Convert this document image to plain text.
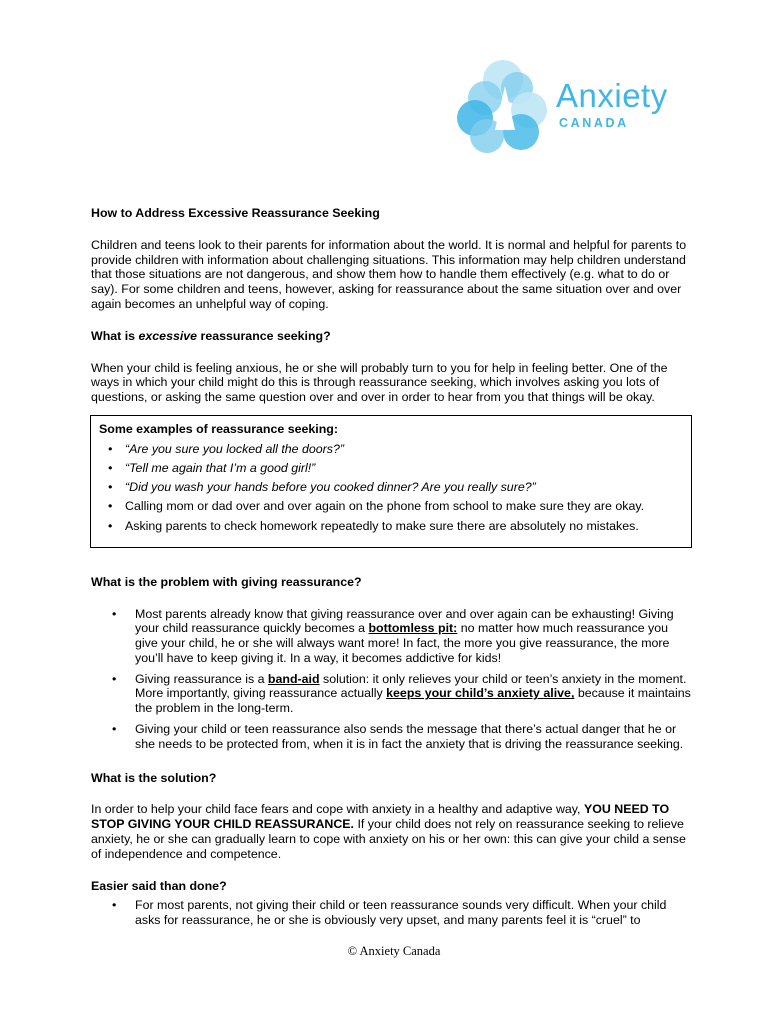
Anxiety
CANADA

How to Address Excessive Reassurance Seeking

Children and teens look to their parents for information about the world. It is normal and helpful for parents to provide children with information about challenging situations. This information may help children understand that those situations are not dangerous, and show them how to handle them effectively (e.g. what to do or say). For some children and teens, however, asking for reassurance about the same situation over and over again becomes an unhelpful way of coping.

What is excessive reassurance seeking?

When your child is feeling anxious, he or she will probably turn to you for help in feeling better. One of the ways in which your child might do this is through reassurance seeking, which involves asking you lots of questions, or asking the same question over and over in order to hear from you that things will be okay.

Some examples of reassurance seeking:
• “Are you sure you locked all the doors?”
• “Tell me again that I’m a good girl!”
• “Did you wash your hands before you cooked dinner? Are you really sure?”
• Calling mom or dad over and over again on the phone from school to make sure they are okay.
• Asking parents to check homework repeatedly to make sure there are absolutely no mistakes.

What is the problem with giving reassurance?

• Most parents already know that giving reassurance over and over again can be exhausting! Giving your child reassurance quickly becomes a bottomless pit: no matter how much reassurance you give your child, he or she will always want more! In fact, the more you give reassurance, the more you’ll have to keep giving it. In a way, it becomes addictive for kids!
• Giving reassurance is a band-aid solution: it only relieves your child or teen’s anxiety in the moment. More importantly, giving reassurance actually keeps your child’s anxiety alive, because it maintains the problem in the long-term.
• Giving your child or teen reassurance also sends the message that there’s actual danger that he or she needs to be protected from, when it is in fact the anxiety that is driving the reassurance seeking.

What is the solution?

In order to help your child face fears and cope with anxiety in a healthy and adaptive way, YOU NEED TO STOP GIVING YOUR CHILD REASSURANCE. If your child does not rely on reassurance seeking to relieve anxiety, he or she can gradually learn to cope with anxiety on his or her own: this can give your child a sense of independence and competence.

Easier said than done?

• For most parents, not giving their child or teen reassurance sounds very difficult. When your child asks for reassurance, he or she is obviously very upset, and many parents feel it is “cruel” to
© Anxiety Canada
